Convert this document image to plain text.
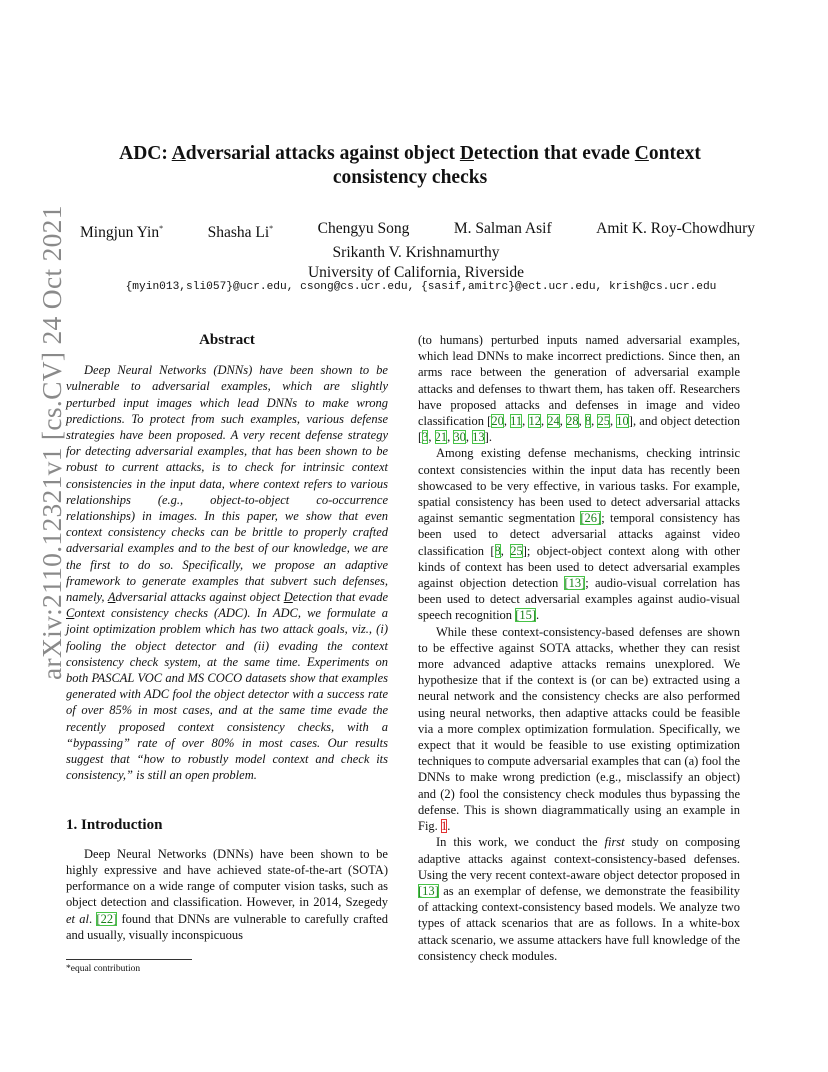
arXiv:2110.12321v1 [cs.CV] 24 Oct 2021
ADC: Adversarial attacks against object Detection that evade Context
consistency checks
Mingjun Yin*	Shasha Li*	Chengyu Song	M. Salman Asif	Amit K. Roy-Chowdhury
Srikanth V. Krishnamurthy
University of California, Riverside
{myin013,sli057}@ucr.edu, csong@cs.ucr.edu, {sasif,amitrc}@ect.ucr.edu, krish@cs.ucr.edu
Abstract

Deep Neural Networks (DNNs) have been shown to be vulnerable to adversarial examples, which are slightly perturbed input images which lead DNNs to make wrong predictions. To protect from such examples, various defense strategies have been proposed. A very recent defense strategy for detecting adversarial examples, that has been shown to be robust to current attacks, is to check for intrinsic context consistencies in the input data, where context refers to various relationships (e.g., object-to-object co-occurrence relationships) in images. In this paper, we show that even context consistency checks can be brittle to properly crafted adversarial examples and to the best of our knowledge, we are the first to do so. Specifically, we propose an adaptive framework to generate examples that subvert such defenses, namely, Adversarial attacks against object Detection that evade Context consistency checks (ADC). In ADC, we formulate a joint optimization problem which has two attack goals, viz., (i) fooling the object detector and (ii) evading the context consistency check system, at the same time. Experiments on both PASCAL VOC and MS COCO datasets show that examples generated with ADC fool the object detector with a success rate of over 85% in most cases, and at the same time evade the recently proposed context consistency checks, with a “bypassing” rate of over 80% in most cases. Our results suggest that “how to robustly model context and check its consistency,” is still an open problem.

1. Introduction

Deep Neural Networks (DNNs) have been shown to be highly expressive and have achieved state-of-the-art (SOTA) performance on a wide range of computer vision tasks, such as object detection and classification. However, in 2014, Szegedy et al. [22] found that DNNs are vulnerable to carefully crafted and usually, visually inconspicuous

*equal contribution

(to humans) perturbed inputs named adversarial examples, which lead DNNs to make incorrect predictions. Since then, an arms race between the generation of adversarial example attacks and defenses to thwart them, has taken off. Researchers have proposed attacks and defenses in image and video classification [20, 11, 12, 24, 28, 8, 25, 10], and object detection [3, 21, 30, 13].

Among existing defense mechanisms, checking intrinsic context consistencies within the input data has recently been showcased to be very effective, in various tasks. For example, spatial consistency has been used to detect adversarial attacks against semantic segmentation [26]; temporal consistency has been used to detect adversarial attacks against video classification [8, 25]; object-object context along with other kinds of context has been used to detect adversarial examples against objection detection [13]; audio-visual correlation has been used to detect adversarial examples against audio-visual speech recognition [15].

While these context-consistency-based defenses are shown to be effective against SOTA attacks, whether they can resist more advanced adaptive attacks remains unexplored. We hypothesize that if the context is (or can be) extracted using a neural network and the consistency checks are also performed using neural networks, then adaptive attacks could be feasible via a more complex optimization formulation. Specifically, we expect that it would be feasible to use existing optimization techniques to compute adversarial examples that can (a) fool the DNNs to make wrong prediction (e.g., misclassify an object) and (2) fool the consistency check modules thus bypassing the defense. This is shown diagrammatically using an example in Fig. 1.

In this work, we conduct the first study on composing adaptive attacks against context-consistency-based defenses. Using the very recent context-aware object detector proposed in [13] as an exemplar of defense, we demonstrate the feasibility of attacking context-consistency based models. We analyze two types of attack scenarios that are as follows. In a white-box attack scenario, we assume attackers have full knowledge of the consistency check modules.
